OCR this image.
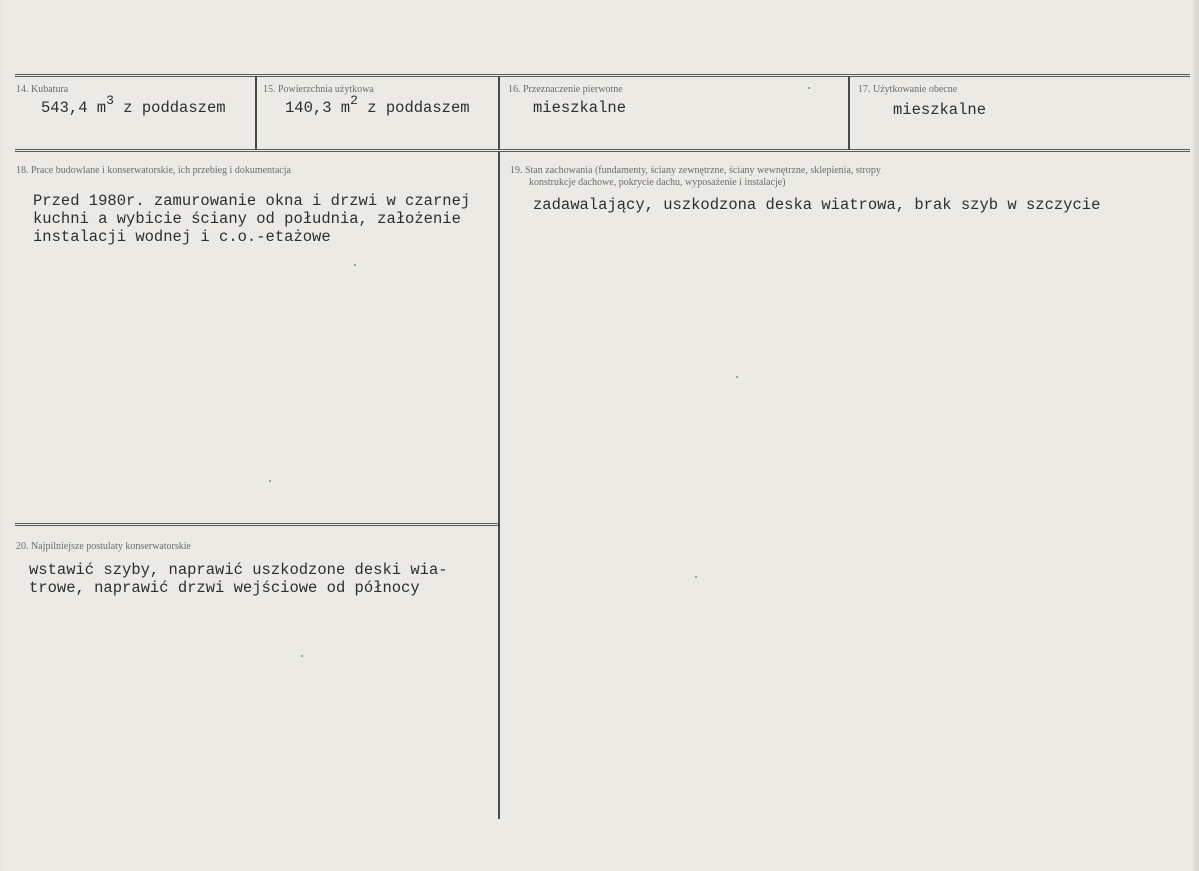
14. Kubatura
543,4 $m^3$ z poddaszem
15. Powierzchnia użytkowa
140,3 $m^2$ z poddaszem
16. Przeznaczenie pierwotne
mieszkalne
17. Użytkowanie obecne
mieszkalne
18. Prace budowlane i konserwatorskie, ich przebieg i dokumentacja
Przed 1980r. zamurowanie okna i drzwi w czarnej
kuchni a wybicie ściany od południa, założenie
instalacji wodnej i c.o.-etażowe
19. Stan zachowania (fundamenty, ściany zewnętrzne, ściany wewnętrzne, sklepienia, stropy
konstrukcje dachowe, pokrycie dachu, wyposażenie i instalacje)
zadawalający, uszkodzona deska wiatrowa, brak szyb w szczycie
20. Najpilniejsze postulaty konserwatorskie
wstawić szyby, naprawić uszkodzone deski wia-
trowe, naprawić drzwi wejściowe od północy
